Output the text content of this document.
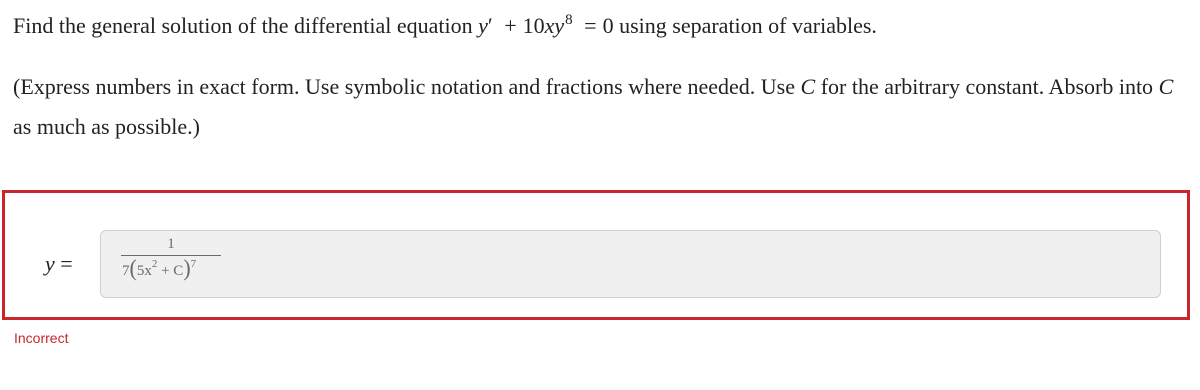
Find the general solution of the differential equation $y' + 10xy^8 = 0$ using separation of variables.

(Express numbers in exact form. Use symbolic notation and fractions where needed. Use C for the arbitrary constant. Absorb into C as much as possible.)

y =
1
$7(5x^2 + C)^7$
Incorrect
